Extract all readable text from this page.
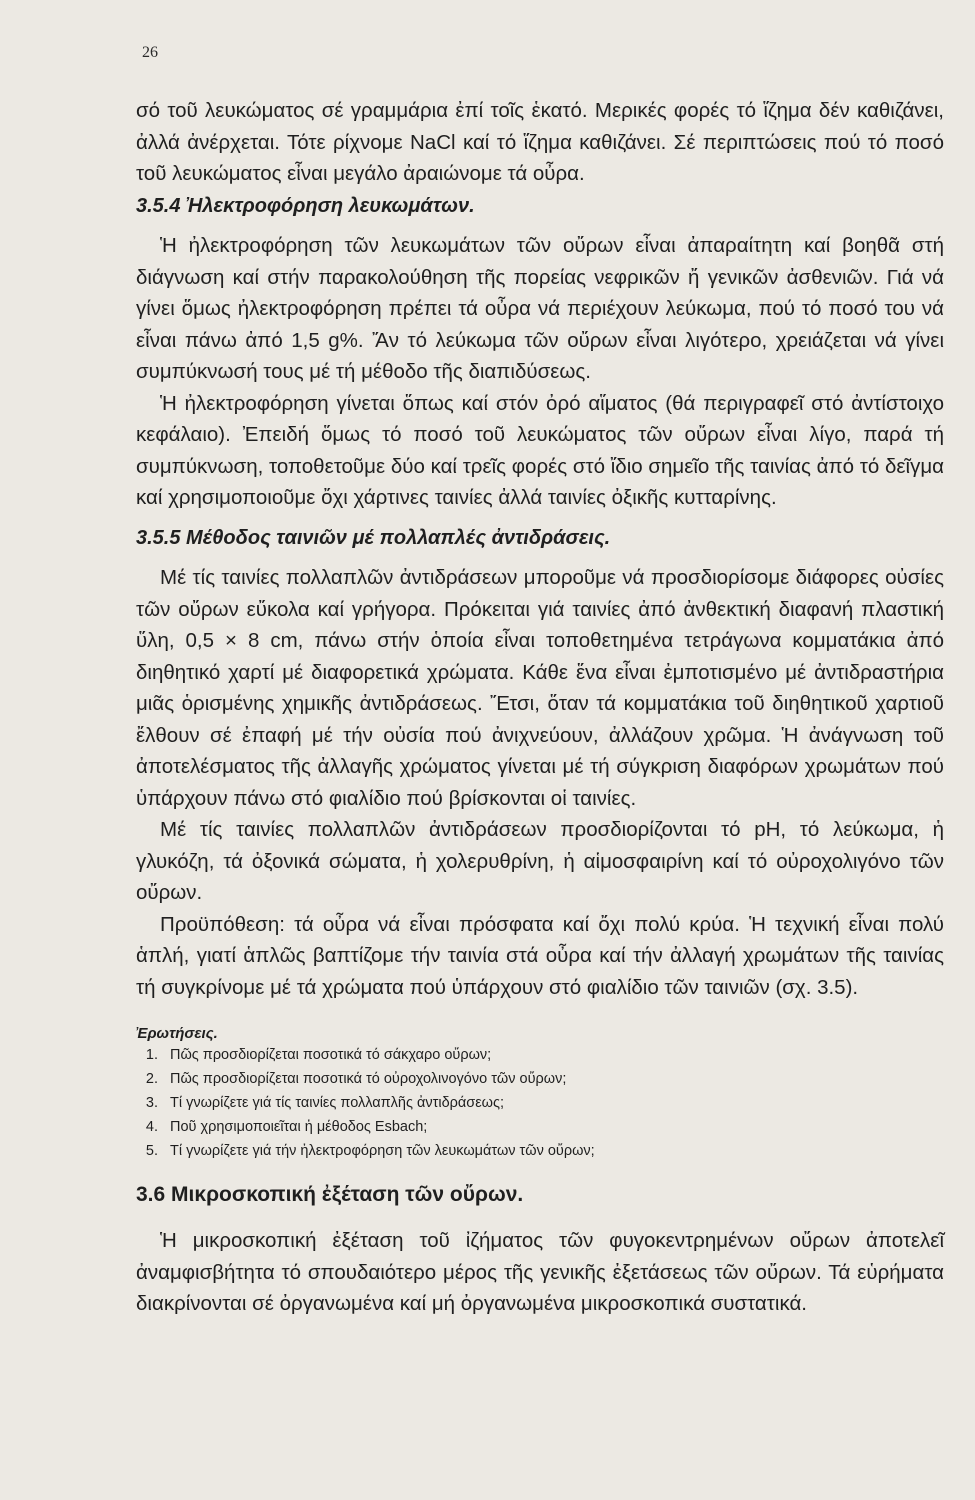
26

σό τοῦ λευκώματος σέ γραμμάρια ἐπί τοῖς ἑκατό. Μερικές φορές τό ἵζημα δέν καθιζάνει, ἀλλά ἀνέρχεται. Τότε ρίχνομε NaCl καί τό ἵζημα καθιζάνει. Σέ περιπτώσεις πού τό ποσό τοῦ λευκώματος εἶναι μεγάλο ἀραιώνομε τά οὖρα.

3.5.4 Ἠλεκτροφόρηση λευκωμάτων.

Ἡ ἠλεκτροφόρηση τῶν λευκωμάτων τῶν οὔρων εἶναι ἀπαραίτητη καί βοηθᾶ στή διάγνωση καί στήν παρακολούθηση τῆς πορείας νεφρικῶν ἤ γενικῶν ἀσθενιῶν. Γιά νά γίνει ὅμως ἠλεκτροφόρηση πρέπει τά οὖρα νά περιέχουν λεύκωμα, πού τό ποσό του νά εἶναι πάνω ἀπό 1,5 g%. Ἄν τό λεύκωμα τῶν οὔρων εἶναι λιγότερο, χρειάζεται νά γίνει συμπύκνωσή τους μέ τή μέθοδο τῆς διαπιδύσεως.

Ἡ ἠλεκτροφόρηση γίνεται ὅπως καί στόν ὀρό αἵματος (θά περιγραφεῖ στό ἀντίστοιχο κεφάλαιο). Ἐπειδή ὅμως τό ποσό τοῦ λευκώματος τῶν οὔρων εἶναι λίγο, παρά τή συμπύκνωση, τοποθετοῦμε δύο καί τρεῖς φορές στό ἴδιο σημεῖο τῆς ταινίας ἀπό τό δεῖγμα καί χρησιμοποιοῦμε ὄχι χάρτινες ταινίες ἀλλά ταινίες ὀξικῆς κυτταρίνης.

3.5.5 Μέθοδος ταινιῶν μέ πολλαπλές ἀντιδράσεις.

Μέ τίς ταινίες πολλαπλῶν ἀντιδράσεων μποροῦμε νά προσδιορίσομε διάφορες οὐσίες τῶν οὔρων εὔκολα καί γρήγορα. Πρόκειται γιά ταινίες ἀπό ἀνθεκτική διαφανή πλαστική ὕλη, 0,5 × 8 cm, πάνω στήν ὁποία εἶναι τοποθετημένα τετράγωνα κομματάκια ἀπό διηθητικό χαρτί μέ διαφορετικά χρώματα. Κάθε ἕνα εἶναι ἐμποτισμένο μέ ἀντιδραστήρια μιᾶς ὁρισμένης χημικῆς ἀντιδράσεως. Ἔτσι, ὅταν τά κομματάκια τοῦ διηθητικοῦ χαρτιοῦ ἔλθουν σέ ἐπαφή μέ τήν οὐσία πού ἀνιχνεύουν, ἀλλάζουν χρῶμα. Ἡ ἀνάγνωση τοῦ ἀποτελέσματος τῆς ἀλλαγῆς χρώματος γίνεται μέ τή σύγκριση διαφόρων χρωμάτων πού ὑπάρχουν πάνω στό φιαλίδιο πού βρίσκονται οἱ ταινίες.

Μέ τίς ταινίες πολλαπλῶν ἀντιδράσεων προσδιορίζονται τό pH, τό λεύκωμα, ἡ γλυκόζη, τά ὀξονικά σώματα, ἡ χολερυθρίνη, ἡ αἱμοσφαιρίνη καί τό οὐροχολιγόνο τῶν οὔρων.

Προϋπόθεση: τά οὖρα νά εἶναι πρόσφατα καί ὄχι πολύ κρύα. Ἡ τεχνική εἶναι πολύ ἁπλή, γιατί ἁπλῶς βαπτίζομε τήν ταινία στά οὖρα καί τήν ἀλλαγή χρωμάτων τῆς ταινίας τή συγκρίνομε μέ τά χρώματα πού ὑπάρχουν στό φιαλίδιο τῶν ταινιῶν (σχ. 3.5).

Ἐρωτήσεις.
1. Πῶς προσδιορίζεται ποσοτικά τό σάκχαρο οὔρων;
2. Πῶς προσδιορίζεται ποσοτικά τό οὐροχολινογόνο τῶν οὔρων;
3. Τί γνωρίζετε γιά τίς ταινίες πολλαπλῆς ἀντιδράσεως;
4. Ποῦ χρησιμοποιεῖται ἡ μέθοδος Esbach;
5. Τί γνωρίζετε γιά τήν ἠλεκτροφόρηση τῶν λευκωμάτων τῶν οὔρων;
3.6 Μικροσκοπική ἐξέταση τῶν οὔρων.

Ἡ μικροσκοπική ἐξέταση τοῦ ἰζήματος τῶν φυγοκεντρημένων οὔρων ἀποτελεῖ ἀναμφισβήτητα τό σπουδαιότερο μέρος τῆς γενικῆς ἐξετάσεως τῶν οὔρων. Τά εὑρήματα διακρίνονται σέ ὀργανωμένα καί μή ὀργανωμένα μικροσκοπικά συστατικά.
